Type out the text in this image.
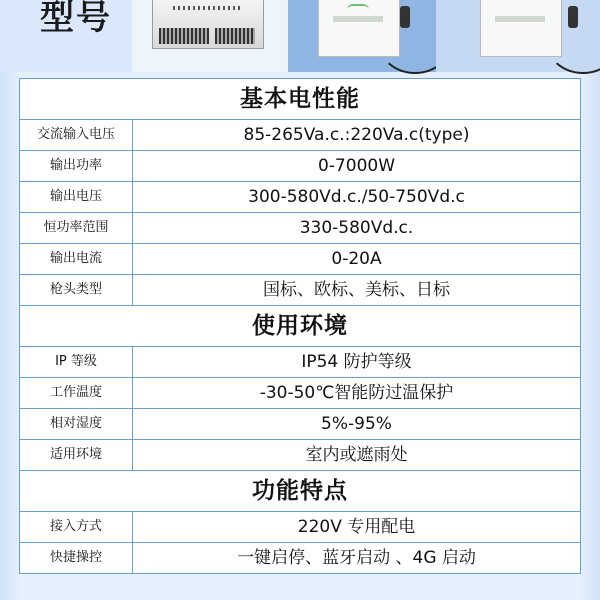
型号
基本电性能
交流输入电压	85-265Va.c.:220Va.c(type)
输出功率	0-7000W
输出电压	300-580Vd.c./50-750Vd.c
恒功率范围	330-580Vd.c.
输出电流	0-20A
枪头类型	国标、欧标、美标、日标
使用环境
IP 等级	IP54 防护等级
工作温度	-30-50℃智能防过温保护
相对湿度	5%-95%
适用环境	室内或遮雨处
功能特点
接入方式	220V 专用配电
快捷操控	一键启停、蓝牙启动 、4G 启动
